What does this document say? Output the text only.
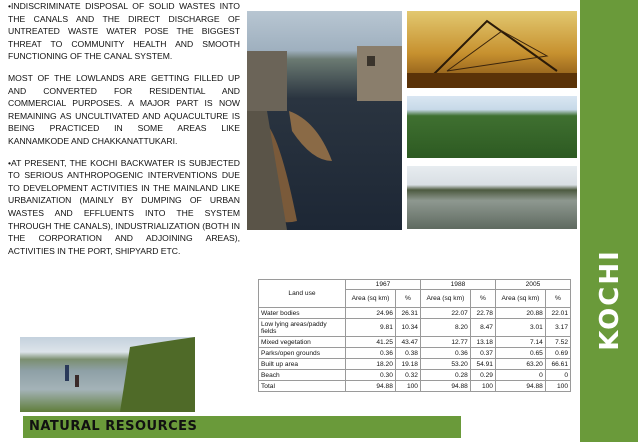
•INDISCRIMINATE DISPOSAL OF SOLID WASTES INTO THE CANALS AND THE DIRECT DISCHARGE OF UNTREATED WASTE WATER POSE THE BIGGEST THREAT TO COMMUNITY HEALTH AND SMOOTH FUNCTIONING OF THE CANAL SYSTEM.

MOST OF THE LOWLANDS ARE GETTING FILLED UP AND CONVERTED FOR RESIDENTIAL AND COMMERCIAL PURPOSES. A MAJOR PART IS NOW REMAINING AS UNCULTIVATED AND AQUACULTURE IS BEING PRACTICED IN SOME AREAS LIKE KANNAMKODE AND CHAKKANATTUKARI.

•AT PRESENT, THE KOCHI BACKWATER IS SUBJECTED TO SERIOUS ANTHROPOGENIC INTERVENTIONS DUE TO DEVELOPMENT ACTIVITIES IN THE MAINLAND LIKE URBANIZATION (MAINLY BY DUMPING OF URBAN WASTES AND EFFLUENTS INTO THE SYSTEM THROUGH THE CANALS), INDUSTRIALIZATION (BOTH IN THE CORPORATION AND ADJOINING AREAS), ACTIVITIES IN THE PORT, SHIPYARD ETC.	KOCHI
NATURAL RESOURCES
Land use	1967		1988		2005	
	Area (sq km)	%	Area (sq km)	%	Area (sq km)	%
Water bodies	24.96	26.31	22.07	22.78	20.88	22.01
Low lying areas/paddy fields	9.81	10.34	8.20	8.47	3.01	3.17
Mixed vegetation	41.25	43.47	12.77	13.18	7.14	7.52
Parks/open grounds	0.36	0.38	0.36	0.37	0.65	0.69
Built up area	18.20	19.18	53.20	54.91	63.20	66.61
Beach	0.30	0.32	0.28	0.29	0	0
Total	94.88	100	94.88	100	94.88	100
